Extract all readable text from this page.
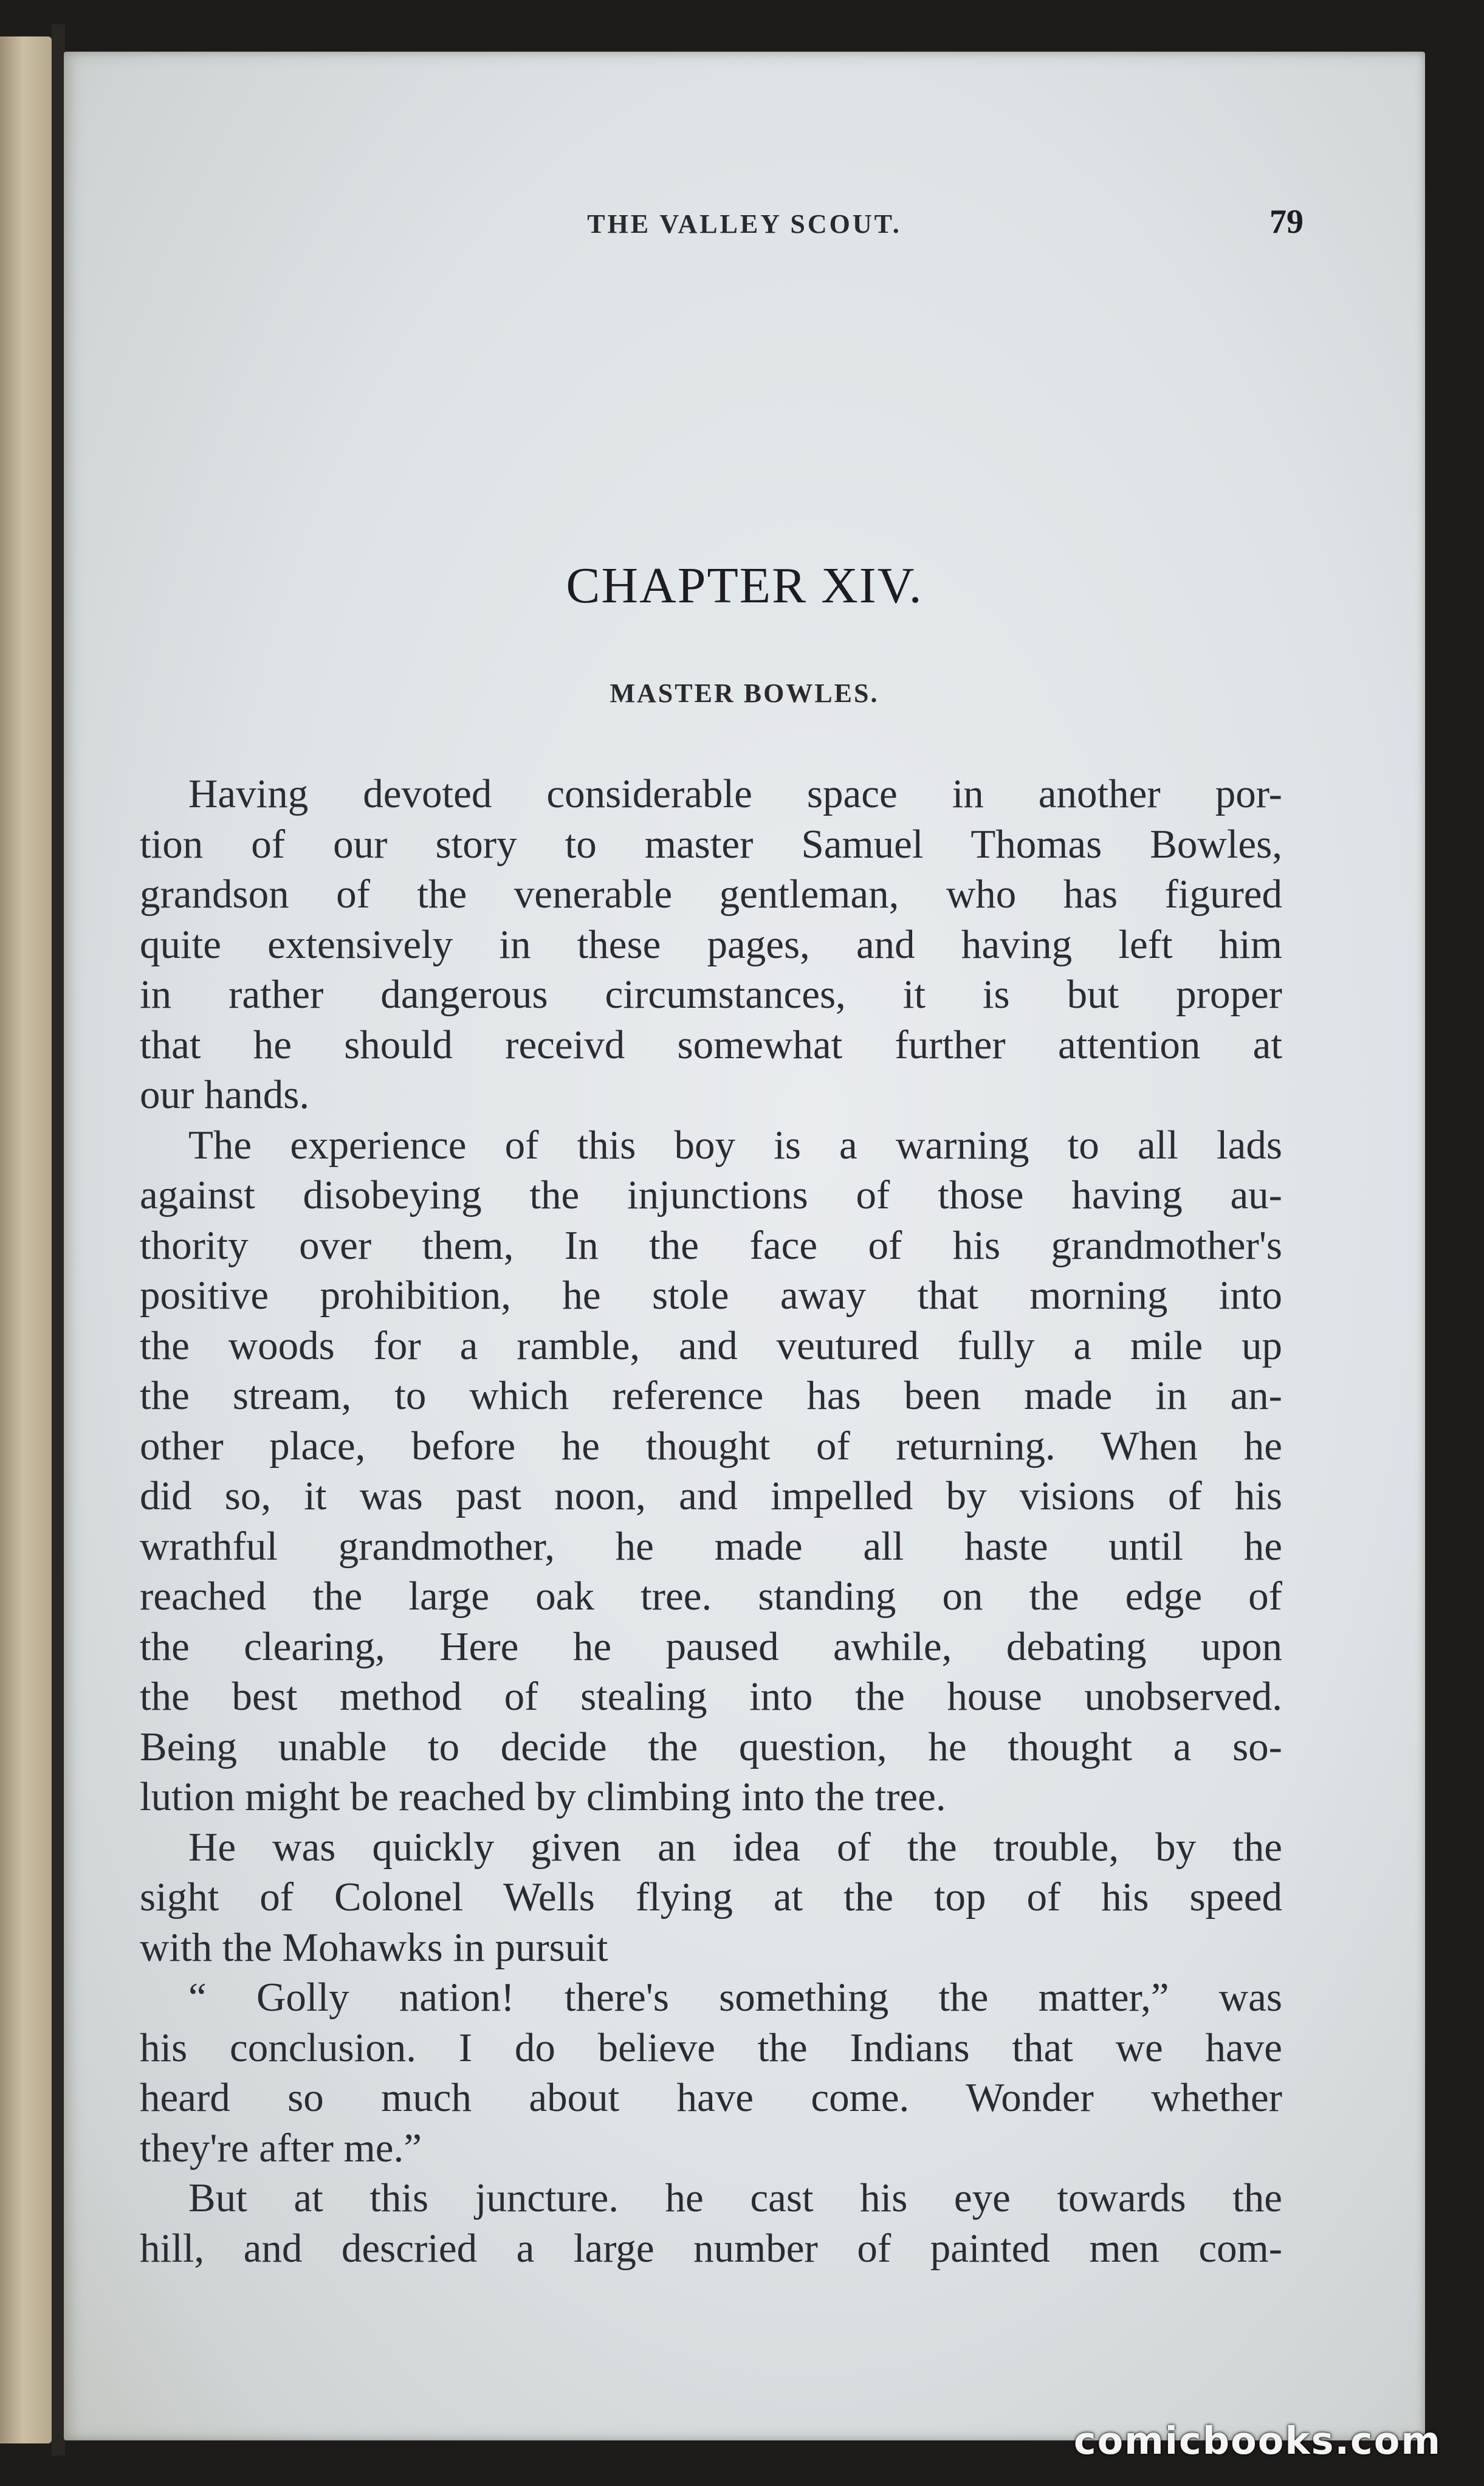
THE VALLEY SCOUT.	79
CHAPTER XIV.
MASTER BOWLES.
Having devoted considerable space in another por-
tion of our story to master Samuel Thomas Bowles,
grandson of the venerable gentleman, who has figured
quite extensively in these pages, and having left him
in rather dangerous circumstances, it is but proper
that he should receivd somewhat further attention at
our hands.
The experience of this boy is a warning to all lads
against disobeying the injunctions of those having au-
thority over them, In the face of his grandmother's
positive prohibition, he stole away that morning into
the woods for a ramble, and veutured fully a mile up
the stream, to which reference has been made in an-
other place, before he thought of returning. When he
did so, it was past noon, and impelled by visions of his
wrathful grandmother, he made all haste until he
reached the large oak tree. standing on the edge of
the clearing, Here he paused awhile, debating upon
the best method of stealing into the house unobserved.
Being unable to decide the question, he thought a so-
lution might be reached by climbing into the tree.
He was quickly given an idea of the trouble, by the
sight of Colonel Wells flying at the top of his speed
with the Mohawks in pursuit
“ Golly nation! there's something the matter,” was
his conclusion. I do believe the Indians that we have
heard so much about have come. Wonder whether
they're after me.”
But at this juncture. he cast his eye towards the
hill, and descried a large number of painted men com-
comicbooks.com
